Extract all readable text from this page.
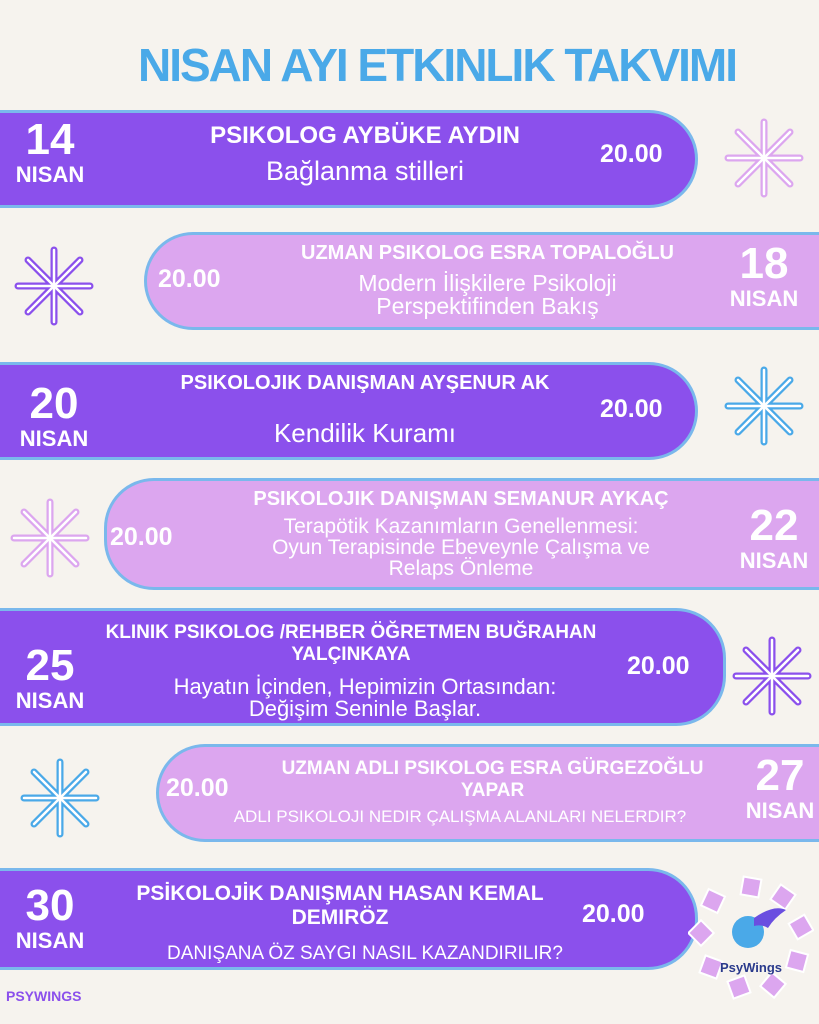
NISAN AYI ETKINLIK TAKVIMI
14
NISAN
PSIKOLOG AYBÜKE AYDIN
Bağlanma stilleri
20.00
20.00
UZMAN PSIKOLOG ESRA TOPALOĞLU
Modern İlişkilere Psikoloji
Perspektifinden Bakış
18
NISAN
20
NISAN
PSIKOLOJIK DANIŞMAN AYŞENUR AK
Kendilik Kuramı
20.00
20.00
PSIKOLOJIK DANIŞMAN SEMANUR AYKAÇ
Terapötik Kazanımların Genellenmesi:
Oyun Terapisinde Ebeveynle Çalışma ve
Relaps Önleme
22
NISAN
25
NISAN
KLINIK PSIKOLOG /REHBER ÖĞRETMEN BUĞRAHAN
YALÇINKAYA
Hayatın İçinden, Hepimizin Ortasından:
Değişim Seninle Başlar.
20.00
20.00
UZMAN ADLI PSIKOLOG ESRA GÜRGEZOĞLU
YAPAR
ADLI PSIKOLOJI NEDIR ÇALIŞMA ALANLARI NELERDIR?
27
NISAN
30
NISAN
PSİKOLOJİK DANIŞMAN HASAN KEMAL
DEMIRÖZ
DANIŞANA ÖZ SAYGI NASIL KAZANDIRILIR?
20.00
PsyWings
PSYWINGS
